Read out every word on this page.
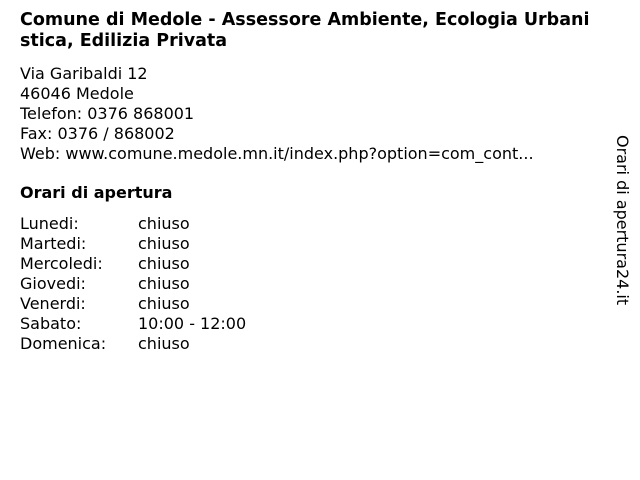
Comune di Medole - Assessore Ambiente, Ecologia Urbanistica, Edilizia Privata
Via Garibaldi 12
46046 Medole
Telefon: 0376 868001
Fax: 0376 / 868002
Web: www.comune.medole.mn.it/index.php?option=com_cont...
Orari di apertura
Lunedi:	chiuso
Martedi:	chiuso
Mercoledi:	chiuso
Giovedi:	chiuso
Venerdi:	chiuso
Sabato:	10:00 - 12:00
Domenica:	chiuso
Orari di apertura24.it
